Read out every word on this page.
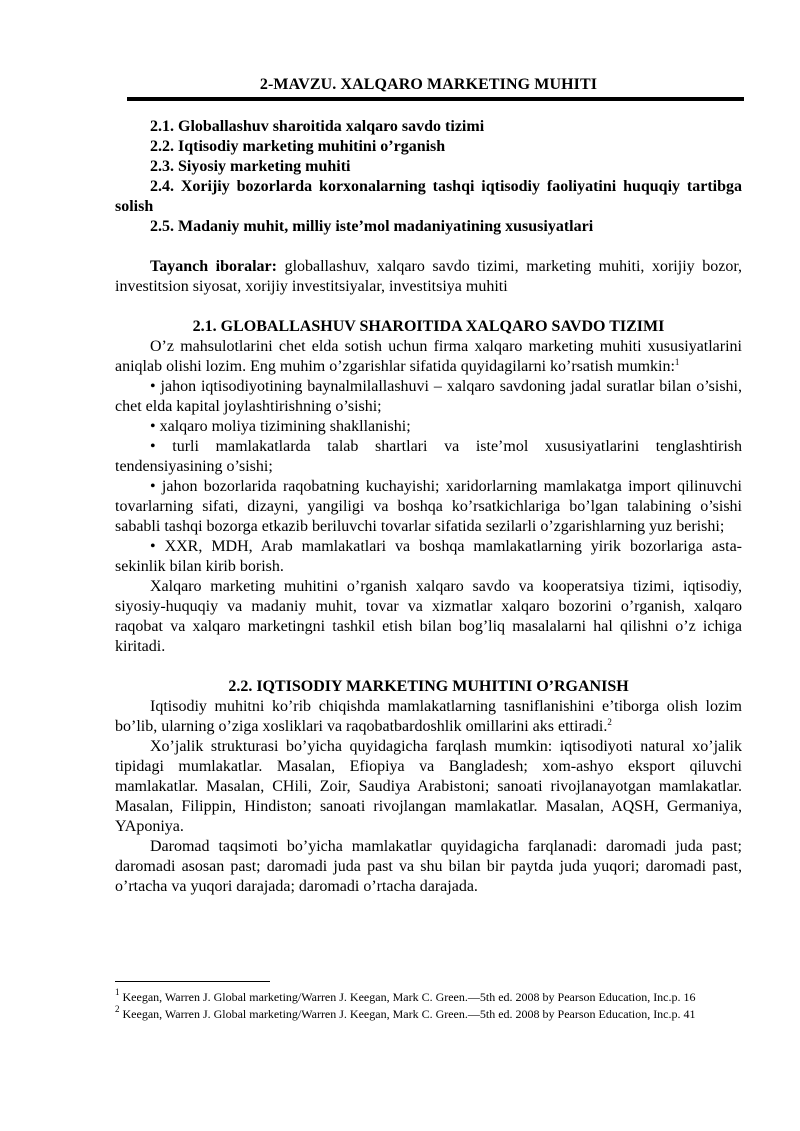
2-MAVZU. XALQARO MARKETING MUHITI

2.1. Globallashuv sharoitida xalqaro savdo tizimi

2.2. Iqtisodiy marketing muhitini o’rganish

2.3. Siyosiy marketing muhiti

2.4. Xorijiy bozorlarda korxonalarning tashqi iqtisodiy faoliyatini huquqiy tartibga solish

2.5. Madaniy muhit, milliy iste’mol madaniyatining xususiyatlari

Tayanch iboralar: globallashuv, xalqaro savdo tizimi, marketing muhiti, xorijiy bozor, investitsion siyosat, xorijiy investitsiyalar, investitsiya muhiti

2.1. GLOBALLASHUV SHAROITIDA XALQARO SAVDO TIZIMI

O’z mahsulotlarini chet elda sotish uchun firma xalqaro marketing muhiti xususiyatlarini aniqlab olishi lozim. Eng muhim o’zgarishlar sifatida quyidagilarni ko’rsatish mumkin:$^1$

• jahon iqtisodiyotining baynalmilallashuvi – xalqaro savdoning jadal suratlar bilan o’sishi, chet elda kapital joylashtirishning o’sishi;

• xalqaro moliya tizimining shakllanishi;

• turli mamlakatlarda talab shartlari va iste’mol xususiyatlarini tenglashtirish tendensiyasining o’sishi;

• jahon bozorlarida raqobatning kuchayishi; xaridorlarning mamlakatga import qilinuvchi tovarlarning sifati, dizayni, yangiligi va boshqa ko’rsatkichlariga bo’lgan talabining o’sishi sababli tashqi bozorga etkazib beriluvchi tovarlar sifatida sezilarli o’zgarishlarning yuz berishi;

• XXR, MDH, Arab mamlakatlari va boshqa mamlakatlarning yirik bozorlariga asta-sekinlik bilan kirib borish.

Xalqaro marketing muhitini o’rganish xalqaro savdo va kooperatsiya tizimi, iqtisodiy, siyosiy-huquqiy va madaniy muhit, tovar va xizmatlar xalqaro bozorini o’rganish, xalqaro raqobat va xalqaro marketingni tashkil etish bilan bog’liq masalalarni hal qilishni o’z ichiga kiritadi.

2.2. IQTISODIY MARKETING MUHITINI O’RGANISH

Iqtisodiy muhitni ko’rib chiqishda mamlakatlarning tasniflanishini e’tiborga olish lozim bo’lib, ularning o’ziga xosliklari va raqobatbardoshlik omillarini aks ettiradi.$^2$

Xo’jalik strukturasi bo’yicha quyidagicha farqlash mumkin: iqtisodiyoti natural xo’jalik tipidagi mumlakatlar. Masalan, Efiopiya va Bangladesh; xom-ashyo eksport qiluvchi mamlakatlar. Masalan, CHili, Zoir, Saudiya Arabistoni; sanoati rivojlanayotgan mamlakatlar. Masalan, Filippin, Hindiston; sanoati rivojlangan mamlakatlar. Masalan, AQSH, Germaniya, YAponiya.

Daromad taqsimoti bo’yicha mamlakatlar quyidagicha farqlanadi: daromadi juda past; daromadi asosan past; daromadi juda past va shu bilan bir paytda juda yuqori; daromadi past, o’rtacha va yuqori darajada; daromadi o’rtacha darajada.

$^1$ Keegan, Warren J. Global marketing/Warren J. Keegan, Mark C. Green.—5th ed. 2008 by Pearson Education, Inc.p. 16

$^2$ Keegan, Warren J. Global marketing/Warren J. Keegan, Mark C. Green.—5th ed. 2008 by Pearson Education, Inc.p. 41
